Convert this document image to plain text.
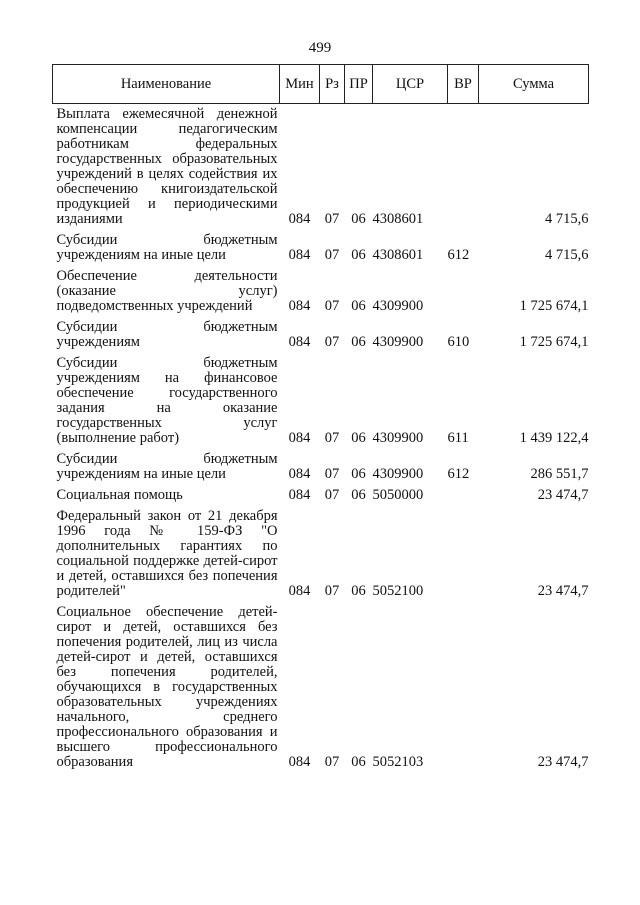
499
Наименование	Мин	Рз	ПР	ЦСР	ВР	Сумма
Выплата ежемесячной денежной компенсации педагогическим работникам федеральных государственных образовательных учреждений в целях содействия их обеспечению книгоиздательской продукцией и периодическими изданиями	084	07	06	4308601		4 715,6
Субсидии бюджетным учреждениям на иные цели	084	07	06	4308601	612	4 715,6
Обеспечение деятельности (оказание услуг) подведомственных учреждений	084	07	06	4309900		1 725 674,1
Субсидии бюджетным учреждениям	084	07	06	4309900	610	1 725 674,1
Субсидии бюджетным учреждениям на финансовое обеспечение государственного задания на оказание государственных услуг (выполнение работ)	084	07	06	4309900	611	1 439 122,4
Субсидии бюджетным учреждениям на иные цели	084	07	06	4309900	612	286 551,7
Социальная помощь	084	07	06	5050000		23 474,7
Федеральный закон от 21 декабря 1996 года № 159-ФЗ "О дополнительных гарантиях по социальной поддержке детей-сирот и детей, оставшихся без попечения родителей"	084	07	06	5052100		23 474,7
Социальное обеспечение детей-сирот и детей, оставшихся без попечения родителей, лиц из числа детей-сирот и детей, оставшихся без попечения родителей, обучающихся в государственных образовательных учреждениях начального, среднего профессионального образования и высшего профессионального образования	084	07	06	5052103		23 474,7
